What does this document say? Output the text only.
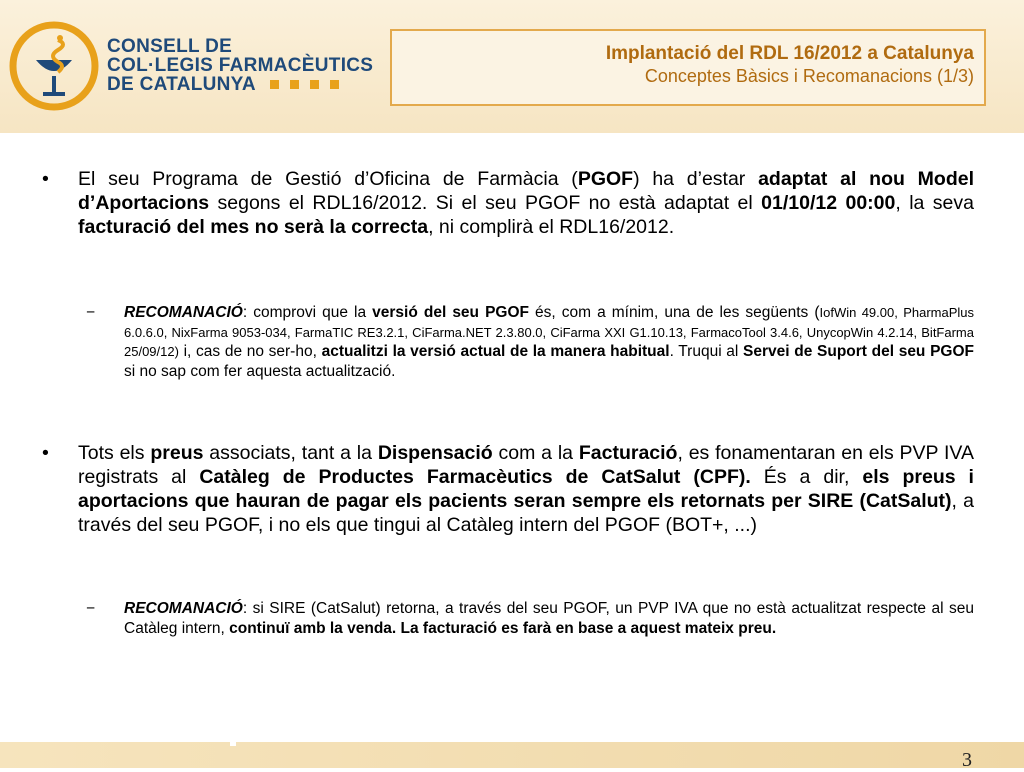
CONSELL DE
COL·LEGIS FARMACÈUTICS
DE CATALUNYA
Implantació del RDL 16/2012 a Catalunya
Conceptes Bàsics i Recomanacions (1/3)
• El seu Programa de Gestió d’Oficina de Farmàcia (PGOF) ha d’estar adaptat al nou Model d’Aportacions segons el RDL16/2012. Si el seu PGOF no està adaptat el 01/10/12 00:00, la seva facturació del mes no serà la correcta, ni complirà el RDL16/2012.
− RECOMANACIÓ: comprovi que la versió del seu PGOF és, com a mínim, una de les següents (IofWin 49.00, PharmaPlus 6.0.6.0, NixFarma 9053-034, FarmaTIC RE3.2.1, CiFarma.NET 2.3.80.0, CiFarma XXI G1.10.13, FarmacoTool 3.4.6, UnycopWin 4.2.14, BitFarma 25/09/12) i, cas de no ser-ho, actualitzi la versió actual de la manera habitual. Truqui al Servei de Suport del seu PGOF si no sap com fer aquesta actualització.
• Tots els preus associats, tant a la Dispensació com a la Facturació, es fonamentaran en els PVP IVA registrats al Catàleg de Productes Farmacèutics de CatSalut (CPF). És a dir, els preus i aportacions que hauran de pagar els pacients seran sempre els retornats per SIRE (CatSalut), a través del seu PGOF, i no els que tingui al Catàleg intern del PGOF (BOT+, ...)
− RECOMANACIÓ: si SIRE (CatSalut) retorna, a través del seu PGOF, un PVP IVA que no està actualitzat respecte al seu Catàleg intern, continuï amb la venda. La facturació es farà en base a aquest mateix preu.
3
